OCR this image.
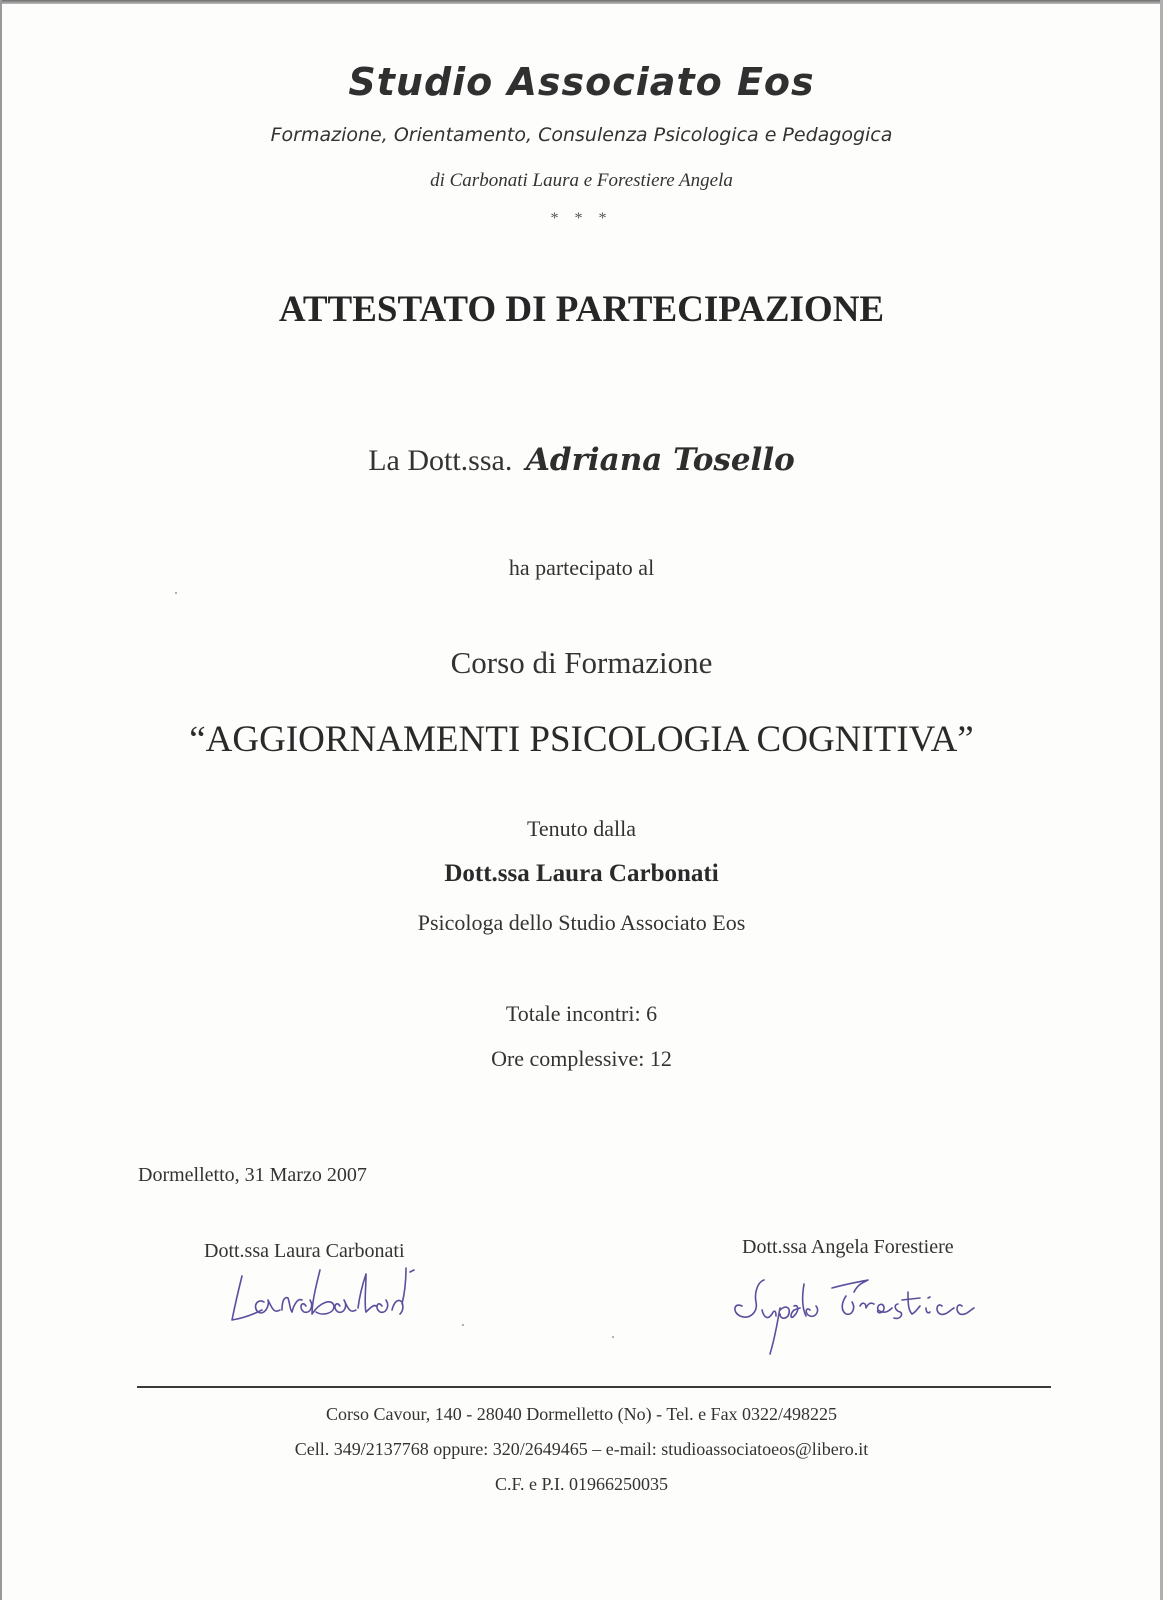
Studio Associato Eos
Formazione, Orientamento, Consulenza Psicologica e Pedagogica
di Carbonati Laura e Forestiere Angela
* * *
ATTESTATO DI PARTECIPAZIONE
La Dott.ssa. Adriana Tosello
ha partecipato al
Corso di Formazione
“AGGIORNAMENTI PSICOLOGIA COGNITIVA”
Tenuto dalla
Dott.ssa Laura Carbonati
Psicologa dello Studio Associato Eos
Totale incontri: 6
Ore complessive: 12
Dormelletto, 31 Marzo 2007
Dott.ssa Laura Carbonati	Dott.ssa Angela Forestiere
Corso Cavour, 140 - 28040 Dormelletto (No) - Tel. e Fax 0322/498225
Cell. 349/2137768 oppure: 320/2649465 – e-mail: studioassociatoeos@libero.it
C.F. e P.I. 01966250035
